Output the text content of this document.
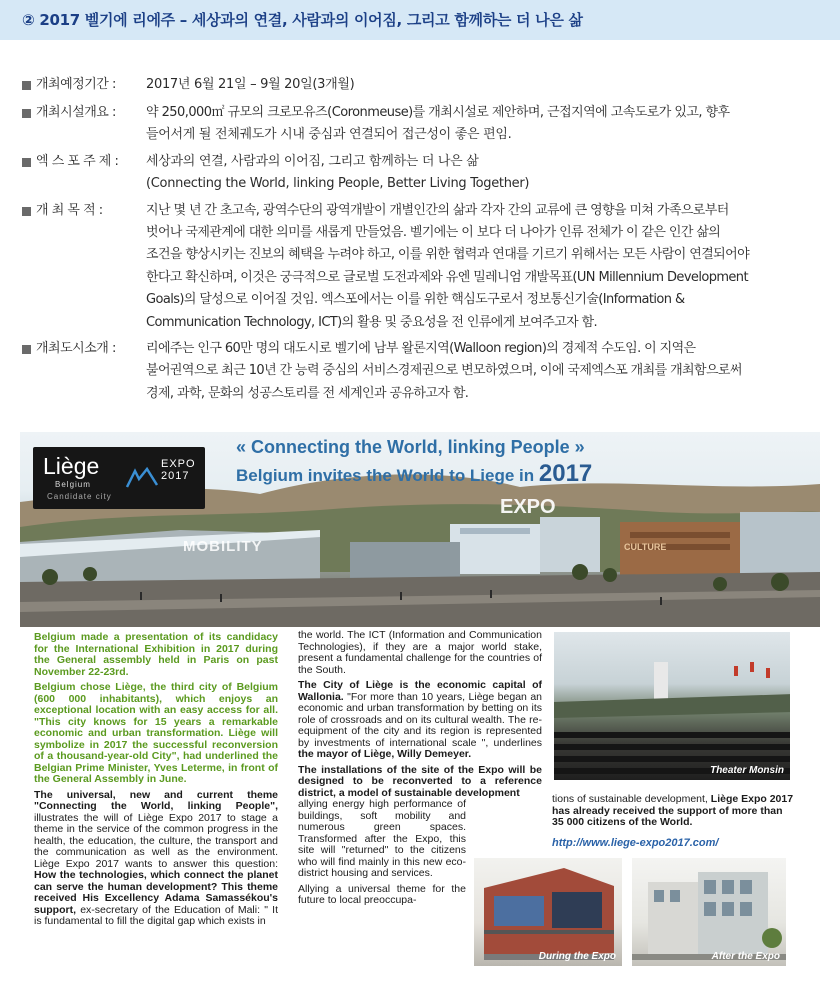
② 2017 벨기에 리에주 – 세상과의 연결, 사람과의 이어짐, 그리고 함께하는 더 나은 삶
개최예정기간 :	2017년 6월 21일 – 9월 20일(3개월)
개최시설개요 :	약 250,000㎡ 규모의 크로모유즈(Coronmeuse)를 개최시설로 제안하며, 근접지역에 고속도로가 있고, 향후
들어서게 될 전체궤도가 시내 중심과 연결되어 접근성이 좋은 편임.
엑 스 포 주 제 :	세상과의 연결, 사람과의 이어짐, 그리고 함께하는 더 나은 삶
(Connecting the World, linking People, Better Living Together)
개 최 목 적 :	지난 몇 년 간 초고속, 광역수단의 광역개발이 개별인간의 삶과 각자 간의 교류에 큰 영향을 미쳐 가족으로부터
벗어나 국제관계에 대한 의미를 새롭게 만들었음. 벨기에는 이 보다 더 나아가 인류 전체가 이 같은 인간 삶의
조건을 향상시키는 진보의 혜택을 누려야 하고, 이를 위한 협력과 연대를 기르기 위해서는 모든 사람이 연결되어야
한다고 확신하며, 이것은 궁극적으로 글로벌 도전과제와 유엔 밀레니엄 개발목표(UN Millennium Development
Goals)의 달성으로 이어질 것임. 엑스포에서는 이를 위한 핵심도구로서 정보통신기술(Information &
Communication Technology, ICT)의 활용 및 중요성을 전 인류에게 보여주고자 함.
개최도시소개 :	리에주는 인구 60만 명의 대도시로 벨기에 남부 왈론지역(Walloon region)의 경제적 수도임. 이 지역은
불어권역으로 최근 10년 간 능력 중심의 서비스경제권으로 변모하였으며, 이에 국제엑스포 개최를 개최함으로써
경제, 과학, 문화의 성공스토리를 전 세계인과 공유하고자 함.
Liège
Belgium
Candidate city
EXPO
2017
« Connecting the World, linking People »
Belgium invites the World to Liege in 2017
MOBILITY
EXPO
CULTURE

Belgium made a presentation of its candidacy for the International Exhibition in 2017 during the General assembly held in Paris on past November 22-23rd.

Belgium chose Liège, the third city of Belgium (600 000 inhabitants), which enjoys an exceptional location with an easy access for all. "This city knows for 15 years a remarkable economic and urban transformation. Liège will symbolize in 2017 the successful reconversion of a thousand-year-old City", had underlined the Belgian Prime Minister, Yves Leterme, in front of the General Assembly in June.

The universal, new and current theme "Connecting the World, linking People", illustrates the will of Liège Expo 2017 to stage a theme in the service of the common progress in the health, the education, the culture, the transport and the communication as well as the environment. Liège Expo 2017 wants to answer this question: How the technologies, which connect the planet can serve the human development? This theme received His Excellency Adama Samassékou's support, ex-secretary of the Education of Mali: " It is fundamental to fill the digital gap which exists in

the world. The ICT (Information and Communication Technologies), if they are a major world stake, present a fundamental challenge for the countries of the South.

The City of Liège is the economic capital of Wallonia. "For more than 10 years, Liège began an economic and urban transformation by betting on its role of crossroads and on its cultural wealth. The re-equipment of the city and its region is represented by investments of international scale ", underlines the mayor of Liège, Willy Demeyer.

The installations of the site of the Expo will be designed to be reconverted to a reference district, a model of sustainable development
allying energy high performance of buildings, soft mobility and numerous green spaces. Transformed after the Expo, this site will "returned" to the citizens who will find mainly in this new eco-district housing and services.

Allying a universal theme for the future to local preoccupa-

Theater Monsin
tions of sustainable development, Liège Expo 2017 has already received the support of more than 35 000 citizens of the World.
http://www.liege-expo2017.com/
During the Expo	After the Expo
